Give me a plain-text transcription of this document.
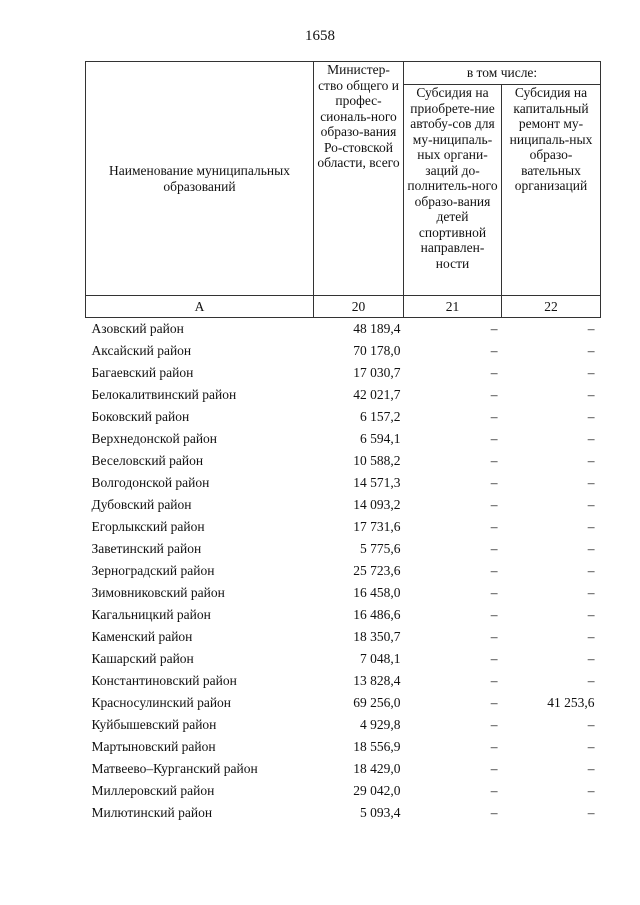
1658
Наименование муниципальных образований	Министер-ство общего и профес-сиональ-ного образо-вания Ро-стовской области, всего	в том числе:	
		Субсидия на приобрете-ние автобу-сов для му-ниципаль-ных органи-заций до-полнитель-ного образо-вания детей спортивной направлен-ности	Субсидия на капитальный ремонт му-ниципаль-ных образо-вательных организаций
А	20	21	22
Азовский район	48 189,4	–	–
Аксайский район	70 178,0	–	–
Багаевский район	17 030,7	–	–
Белокалитвинский район	42 021,7	–	–
Боковский район	6 157,2	–	–
Верхнедонской район	6 594,1	–	–
Веселовский район	10 588,2	–	–
Волгодонской район	14 571,3	–	–
Дубовский район	14 093,2	–	–
Егорлыкский район	17 731,6	–	–
Заветинский район	5 775,6	–	–
Зерноградский район	25 723,6	–	–
Зимовниковский район	16 458,0	–	–
Кагальницкий район	16 486,6	–	–
Каменский район	18 350,7	–	–
Кашарский район	7 048,1	–	–
Константиновский район	13 828,4	–	–
Красносулинский район	69 256,0	–	41 253,6
Куйбышевский район	4 929,8	–	–
Мартыновский район	18 556,9	–	–
Матвеево–Курганский район	18 429,0	–	–
Миллеровский район	29 042,0	–	–
Милютинский район	5 093,4	–	–
